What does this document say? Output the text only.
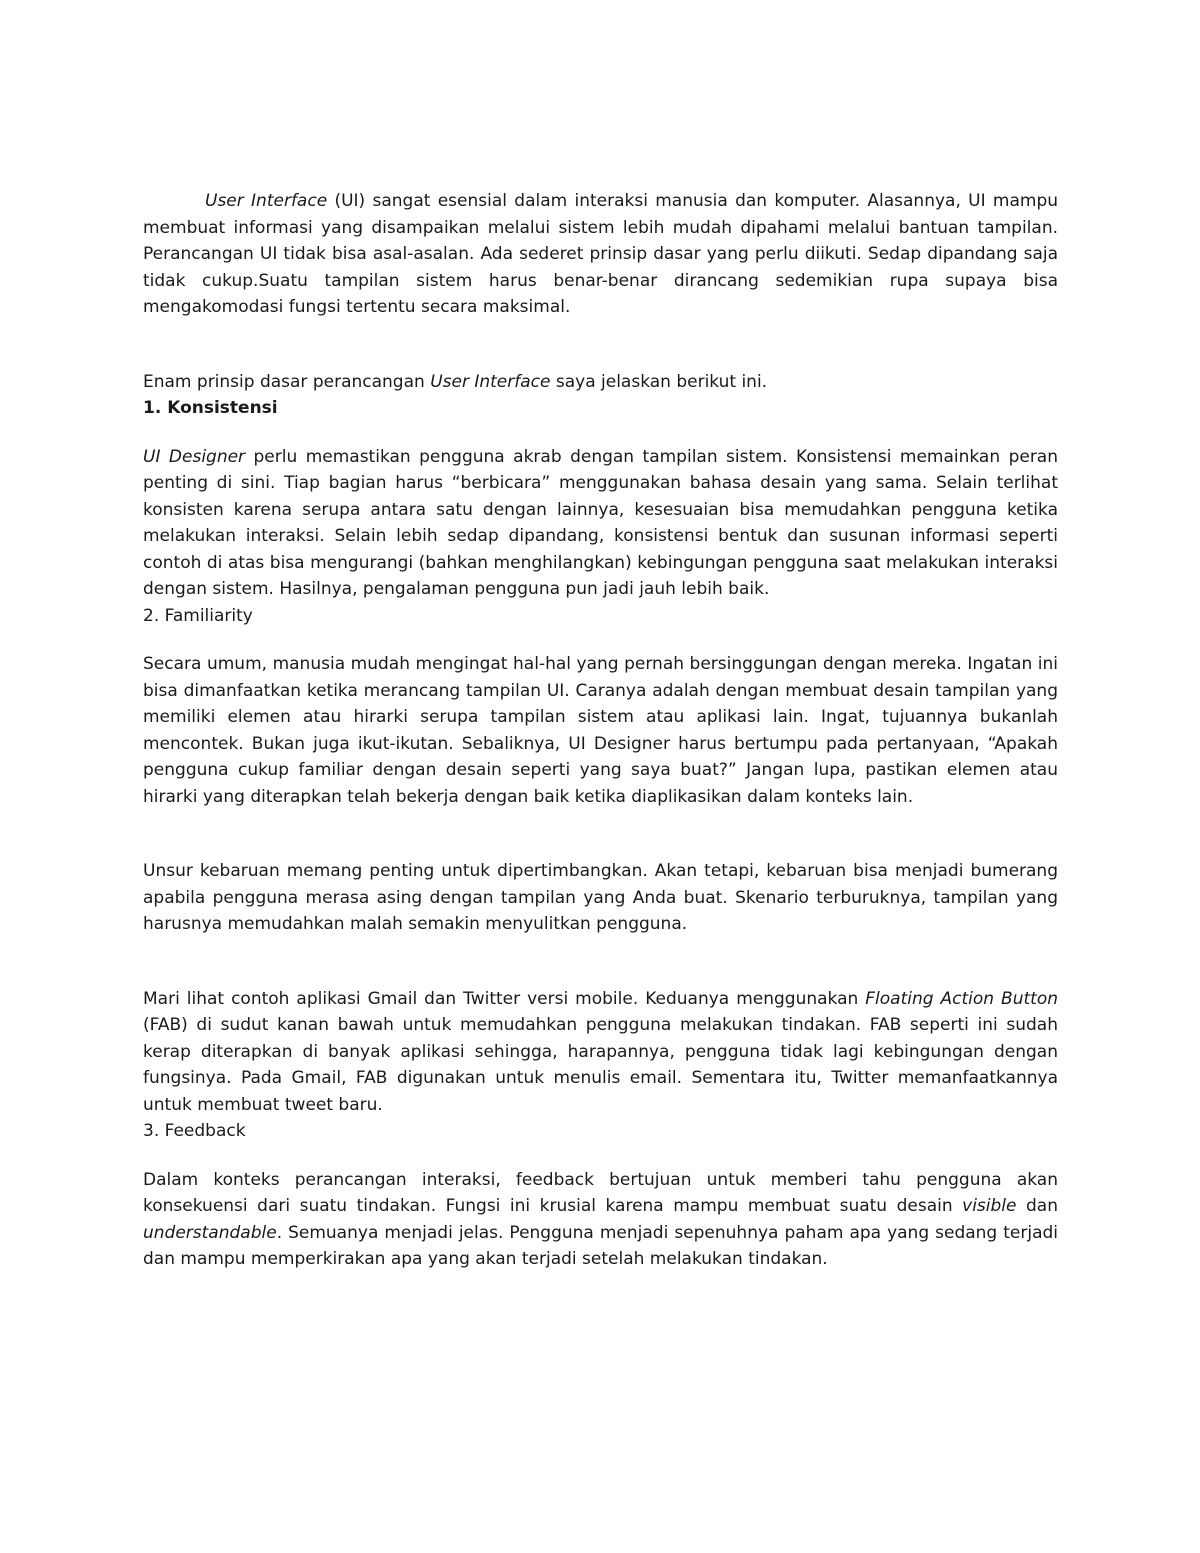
User Interface (UI) sangat esensial dalam interaksi manusia dan komputer. Alasannya, UI mampu membuat informasi yang disampaikan melalui sistem lebih mudah dipahami melalui bantuan tampilan. Perancangan UI tidak bisa asal-asalan. Ada sederet prinsip dasar yang perlu diikuti. Sedap dipandang saja tidak cukup.Suatu tampilan sistem harus benar-benar dirancang sedemikian rupa supaya bisa mengakomodasi fungsi tertentu secara maksimal.

Enam prinsip dasar perancangan User Interface saya jelaskan berikut ini.

1. Konsistensi

UI Designer perlu memastikan pengguna akrab dengan tampilan sistem. Konsistensi memainkan peran penting di sini. Tiap bagian harus “berbicara” menggunakan bahasa desain yang sama. Selain terlihat konsisten karena serupa antara satu dengan lainnya, kesesuaian bisa memudahkan pengguna ketika melakukan interaksi. Selain lebih sedap dipandang, konsistensi bentuk dan susunan informasi seperti contoh di atas bisa mengurangi (bahkan menghilangkan) kebingungan pengguna saat melakukan interaksi dengan sistem. Hasilnya, pengalaman pengguna pun jadi jauh lebih baik.

2. Familiarity

Secara umum, manusia mudah mengingat hal-hal yang pernah bersinggungan dengan mereka. Ingatan ini bisa dimanfaatkan ketika merancang tampilan UI. Caranya adalah dengan membuat desain tampilan yang memiliki elemen atau hirarki serupa tampilan sistem atau aplikasi lain. Ingat, tujuannya bukanlah mencontek. Bukan juga ikut-ikutan. Sebaliknya, UI Designer harus bertumpu pada pertanyaan, “Apakah pengguna cukup familiar dengan desain seperti yang saya buat?” Jangan lupa, pastikan elemen atau hirarki yang diterapkan telah bekerja dengan baik ketika diaplikasikan dalam konteks lain.

Unsur kebaruan memang penting untuk dipertimbangkan. Akan tetapi, kebaruan bisa menjadi bumerang apabila pengguna merasa asing dengan tampilan yang Anda buat. Skenario terburuknya, tampilan yang harusnya memudahkan malah semakin menyulitkan pengguna.

Mari lihat contoh aplikasi Gmail dan Twitter versi mobile. Keduanya menggunakan Floating Action Button (FAB) di sudut kanan bawah untuk memudahkan pengguna melakukan tindakan. FAB seperti ini sudah kerap diterapkan di banyak aplikasi sehingga, harapannya, pengguna tidak lagi kebingungan dengan fungsinya. Pada Gmail, FAB digunakan untuk menulis email. Sementara itu, Twitter memanfaatkannya untuk membuat tweet baru.

3. Feedback

Dalam konteks perancangan interaksi, feedback bertujuan untuk memberi tahu pengguna akan konsekuensi dari suatu tindakan. Fungsi ini krusial karena mampu membuat suatu desain visible dan understandable. Semuanya menjadi jelas. Pengguna menjadi sepenuhnya paham apa yang sedang terjadi dan mampu memperkirakan apa yang akan terjadi setelah melakukan tindakan.
